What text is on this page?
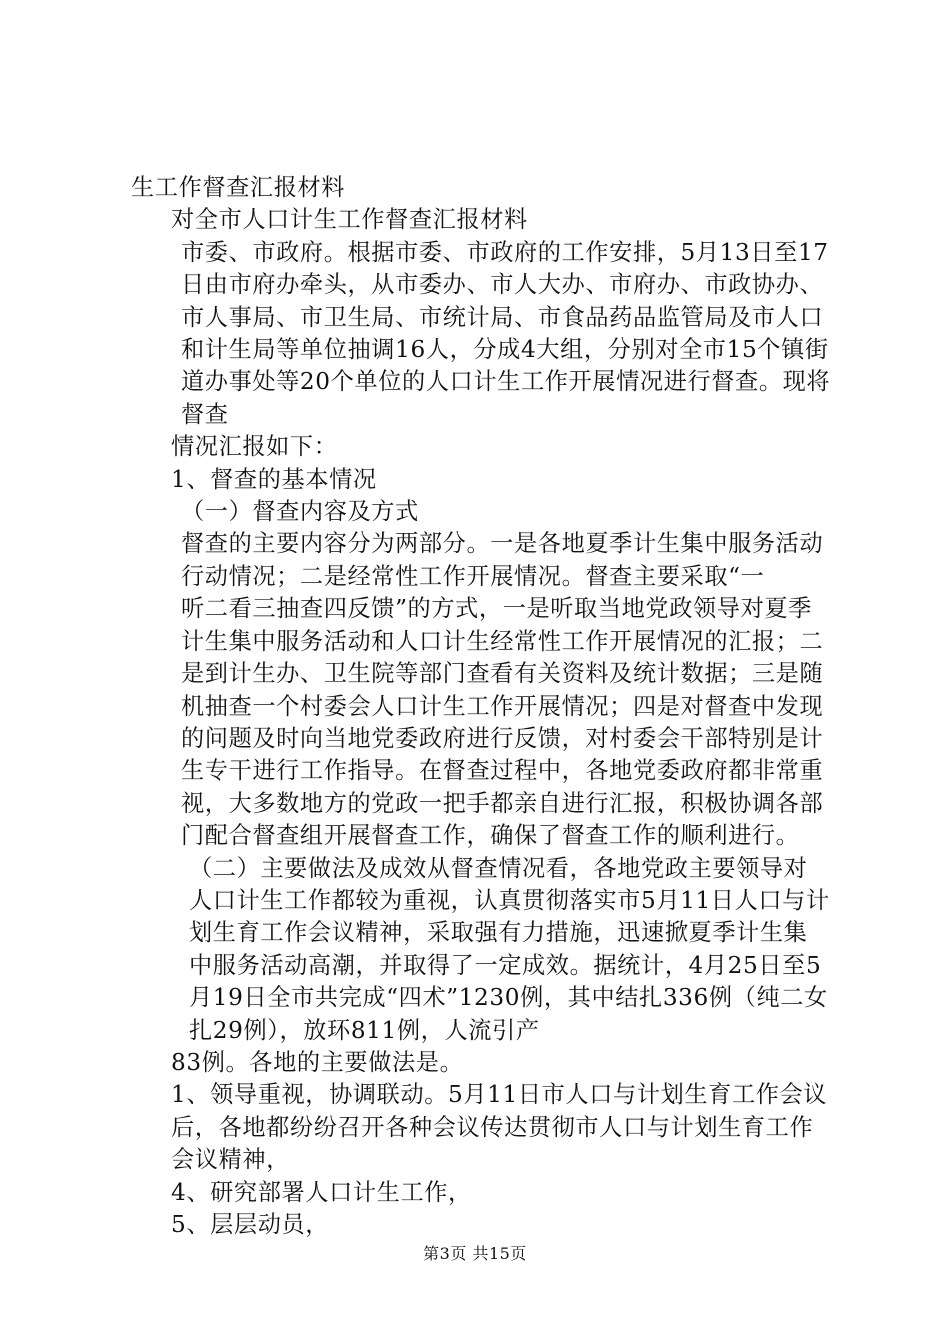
生工作督查汇报材料

对全市人口计生工作督查汇报材料

市委、市政府。根据市委、市政府的工作安排，5月13日至17日由市府办牵头，从市委办、市人大办、市府办、市政协办、市人事局、市卫生局、市统计局、市食品药品监管局及市人口和计生局等单位抽调16人，分成4大组，分别对全市15个镇街道办事处等20个单位的人口计生工作开展情况进行督查。现将督查

情况汇报如下：

1、督查的基本情况

（一）督查内容及方式

督查的主要内容分为两部分。一是各地夏季计生集中服务活动行动情况；二是经常性工作开展情况。督查主要采取“一

听二看三抽查四反馈”的方式，一是听取当地党政领导对夏季计生集中服务活动和人口计生经常性工作开展情况的汇报；二是到计生办、卫生院等部门查看有关资料及统计数据；三是随机抽查一个村委会人口计生工作开展情况；四是对督查中发现的问题及时向当地党委政府进行反馈，对村委会干部特别是计生专干进行工作指导。在督查过程中，各地党委政府都非常重视，大多数地方的党政一把手都亲自进行汇报，积极协调各部门配合督查组开展督查工作，确保了督查工作的顺利进行。

（二）主要做法及成效从督查情况看，各地党政主要领导对人口计生工作都较为重视，认真贯彻落实市5月11日人口与计划生育工作会议精神，采取强有力措施，迅速掀夏季计生集中服务活动高潮，并取得了一定成效。据统计，4月25日至5月19日全市共完成“四术”1230例，其中结扎336例（纯二女扎29例），放环811例，人流引产

83例。各地的主要做法是。

1、领导重视，协调联动。5月11日市人口与计划生育工作会议后，各地都纷纷召开各种会议传达贯彻市人口与计划生育工作会议精神，

4、研究部署人口计生工作，

5、层层动员，

第3页 共15页
